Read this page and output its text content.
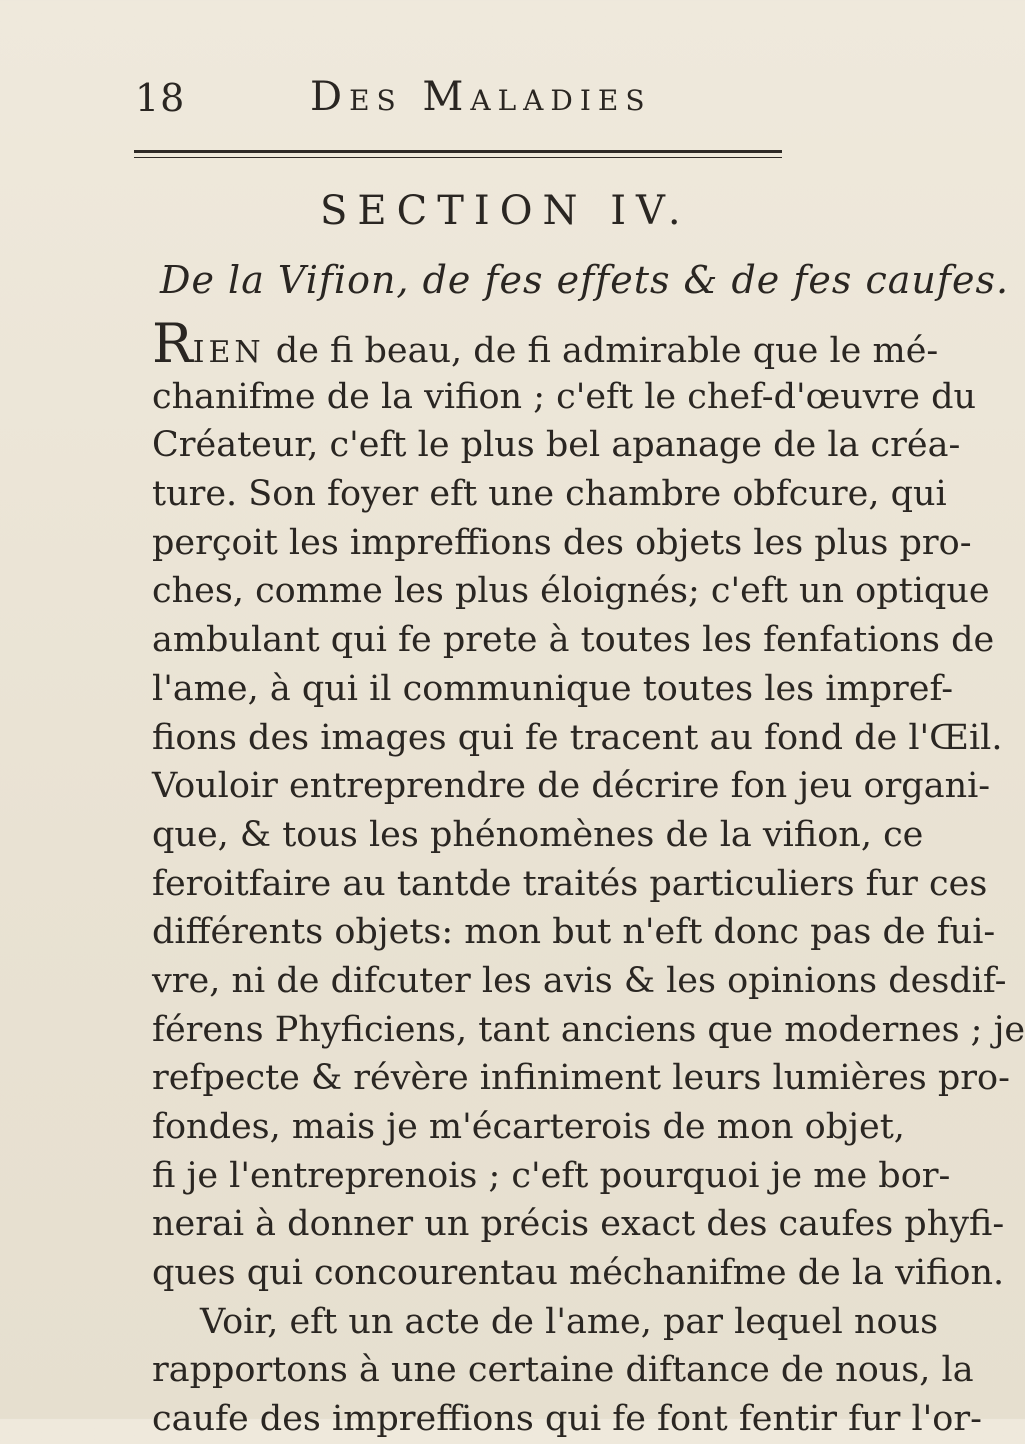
18	Des Maladies
SECTION IV.
De la Vifion, de fes effets & de fes caufes.
RIEN de fi beau, de fi admirable que le mé-
chanifme de la vifion ; c'eft le chef-d'œuvre du
Créateur, c'eft le plus bel apanage de la créa-
ture. Son foyer eft une chambre obfcure, qui
perçoit les impreffions des objets les plus pro-
ches, comme les plus éloignés; c'eft un optique
ambulant qui fe prete à toutes les fenfations de
l'ame, à qui il communique toutes les impref-
fions des images qui fe tracent au fond de l'Œil.
Vouloir entreprendre de décrire fon jeu organi-
que, & tous les phénomènes de la vifion, ce
feroitfaire au tantde traités particuliers fur ces
différents objets: mon but n'eft donc pas de fui-
vre, ni de difcuter les avis & les opinions desdif-
férens Phyficiens, tant anciens que modernes ; je
refpecte & révère infiniment leurs lumières pro-
fondes, mais je m'écarterois de mon objet,
fi je l'entreprenois ; c'eft pourquoi je me bor-
nerai à donner un précis exact des caufes phyfi-
ques qui concourentau méchanifme de la vifion.
Voir, eft un acte de l'ame, par lequel nous
rapportons à une certaine diftance de nous, la
caufe des impreffions qui fe font fentir fur l'or-
